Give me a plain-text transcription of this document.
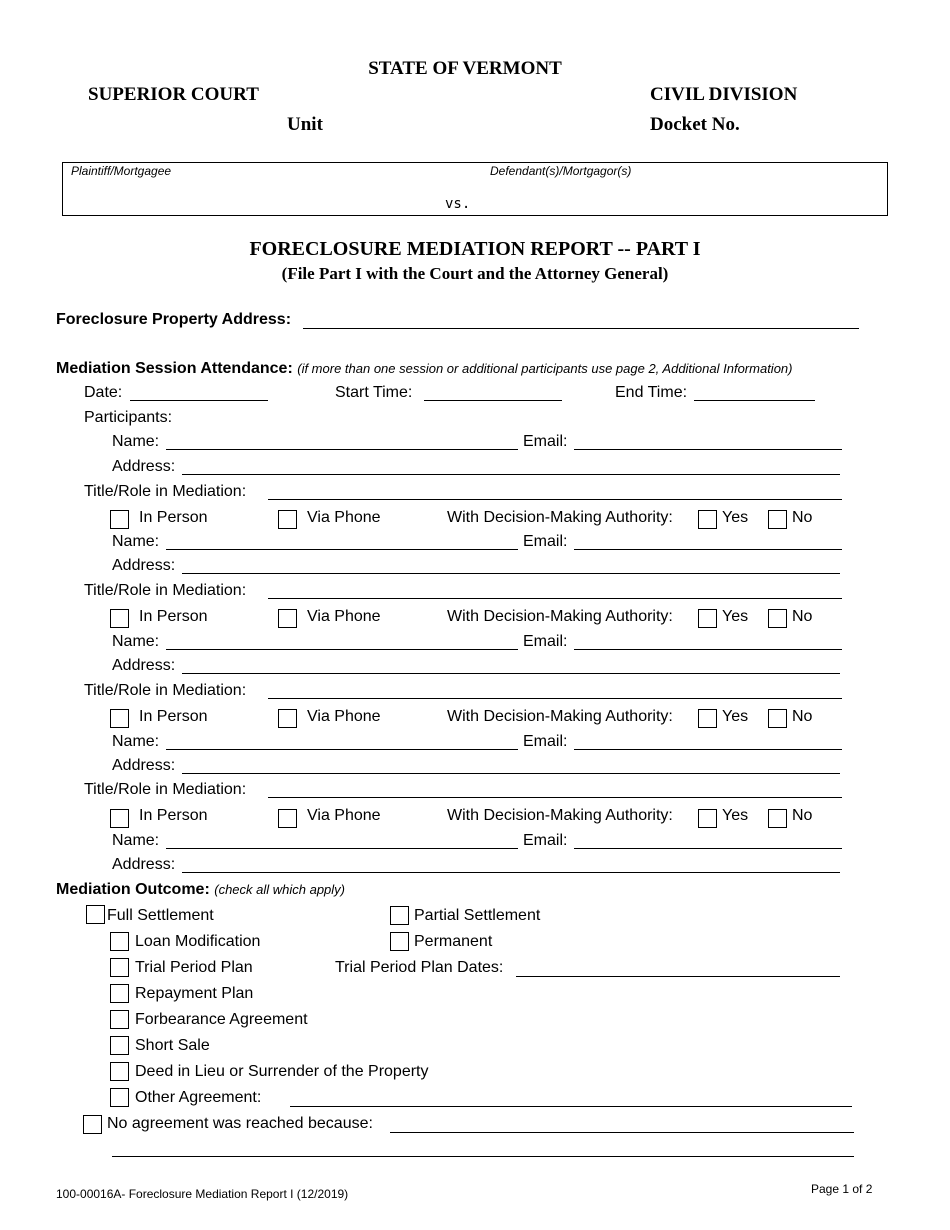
STATE OF VERMONT
SUPERIOR COURT	CIVIL DIVISION
Unit	Docket No.
Plaintiff/Mortgagee	Defendant(s)/Mortgagor(s)
vs.
FORECLOSURE MEDIATION REPORT -- PART I
(File Part I with the Court and the Attorney General)
Foreclosure Property Address:
Mediation Session Attendance: (if more than one session or additional participants use page 2, Additional Information)
Date:	Start Time:	End Time:
Participants:
Name:	Email:
Address:
Title/Role in Mediation:
In Person	Via Phone	With Decision-Making Authority:	Yes	No
Name:	Email:
Address:
Title/Role in Mediation:
In Person	Via Phone	With Decision-Making Authority:	Yes	No
Name:	Email:
Address:
Title/Role in Mediation:
In Person	Via Phone	With Decision-Making Authority:	Yes	No
Name:	Email:
Address:
Title/Role in Mediation:
In Person	Via Phone	With Decision-Making Authority:	Yes	No
Name:	Email:
Address:
Mediation Outcome: (check all which apply)
Full Settlement	Partial Settlement
Loan Modification	Permanent
Trial Period Plan	Trial Period Plan Dates:
Repayment Plan
Forbearance Agreement
Short Sale
Deed in Lieu or Surrender of the Property
Other Agreement:
No agreement was reached because:
100-00016A- Foreclosure Mediation Report I (12/2019)	Page 1 of 2
